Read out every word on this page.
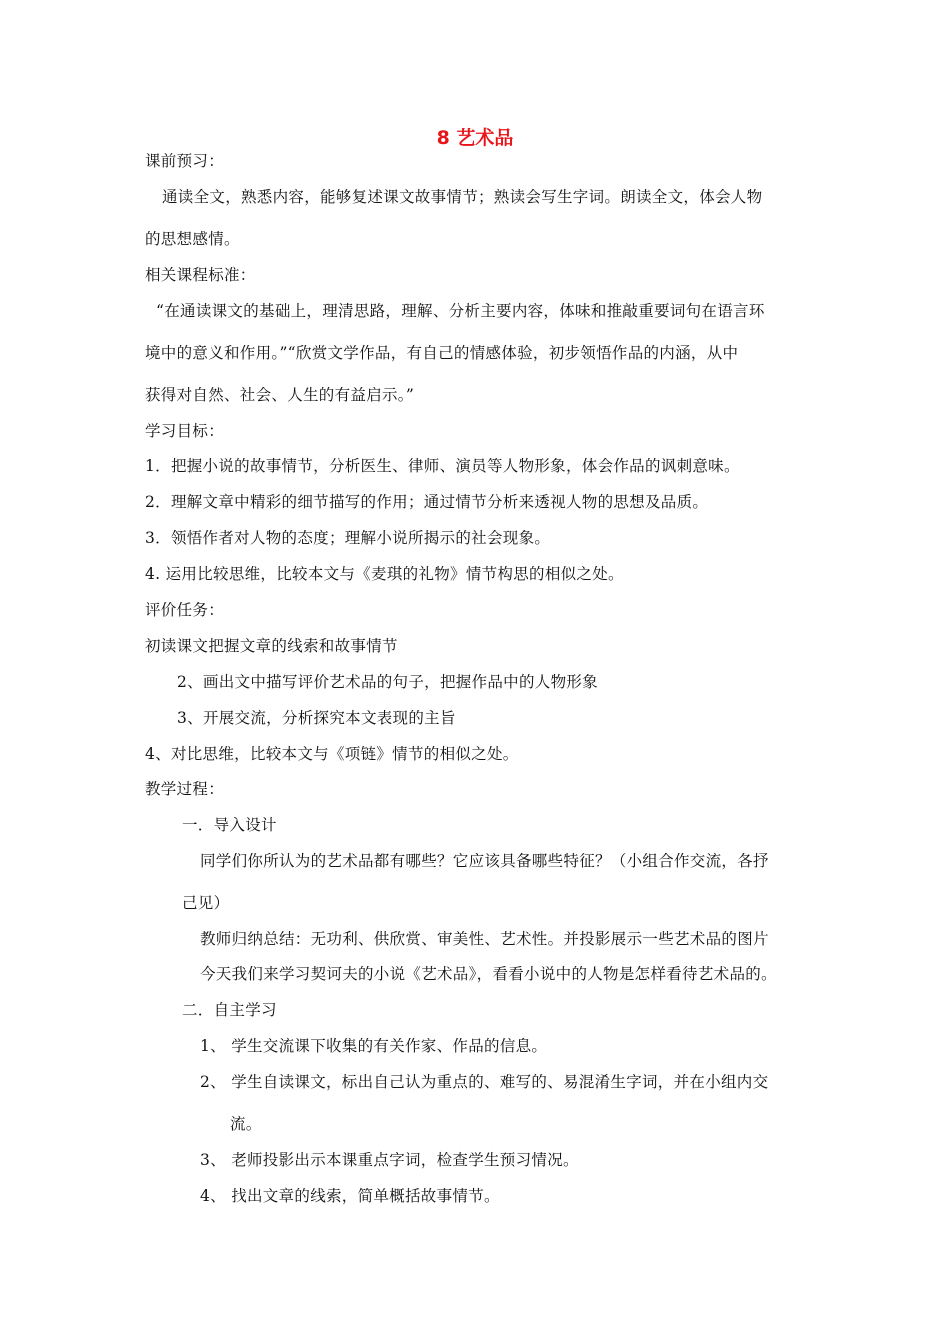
8 艺术品
课前预习：
通读全文，熟悉内容，能够复述课文故事情节；熟读会写生字词。朗读全文，体会人物
的思想感情。
相关课程标准：
“在通读课文的基础上，理清思路，理解、分析主要内容，体味和推敲重要词句在语言环
境中的意义和作用。”“欣赏文学作品，有自己的情感体验，初步领悟作品的内涵，从中
获得对自然、社会、人生的有益启示。”
学习目标：
1．把握小说的故事情节，分析医生、律师、演员等人物形象，体会作品的讽刺意味。
2．理解文章中精彩的细节描写的作用；通过情节分析来透视人物的思想及品质。
3．领悟作者对人物的态度；理解小说所揭示的社会现象。
4. 运用比较思维，比较本文与《麦琪的礼物》情节构思的相似之处。
评价任务：
初读课文把握文章的线索和故事情节
2、画出文中描写评价艺术品的句子，把握作品中的人物形象
3、开展交流，分析探究本文表现的主旨
4、对比思维，比较本文与《项链》情节的相似之处。
教学过程：
一．导入设计
同学们你所认为的艺术品都有哪些？它应该具备哪些特征？（小组合作交流，各抒
己见）
教师归纳总结：无功利、供欣赏、审美性、艺术性。并投影展示一些艺术品的图片
今天我们来学习契诃夫的小说《艺术品》，看看小说中的人物是怎样看待艺术品的。
二．自主学习
1、 学生交流课下收集的有关作家、作品的信息。
2、 学生自读课文，标出自己认为重点的、难写的、易混淆生字词，并在小组内交
流。
3、 老师投影出示本课重点字词，检查学生预习情况。
4、 找出文章的线索，简单概括故事情节。
